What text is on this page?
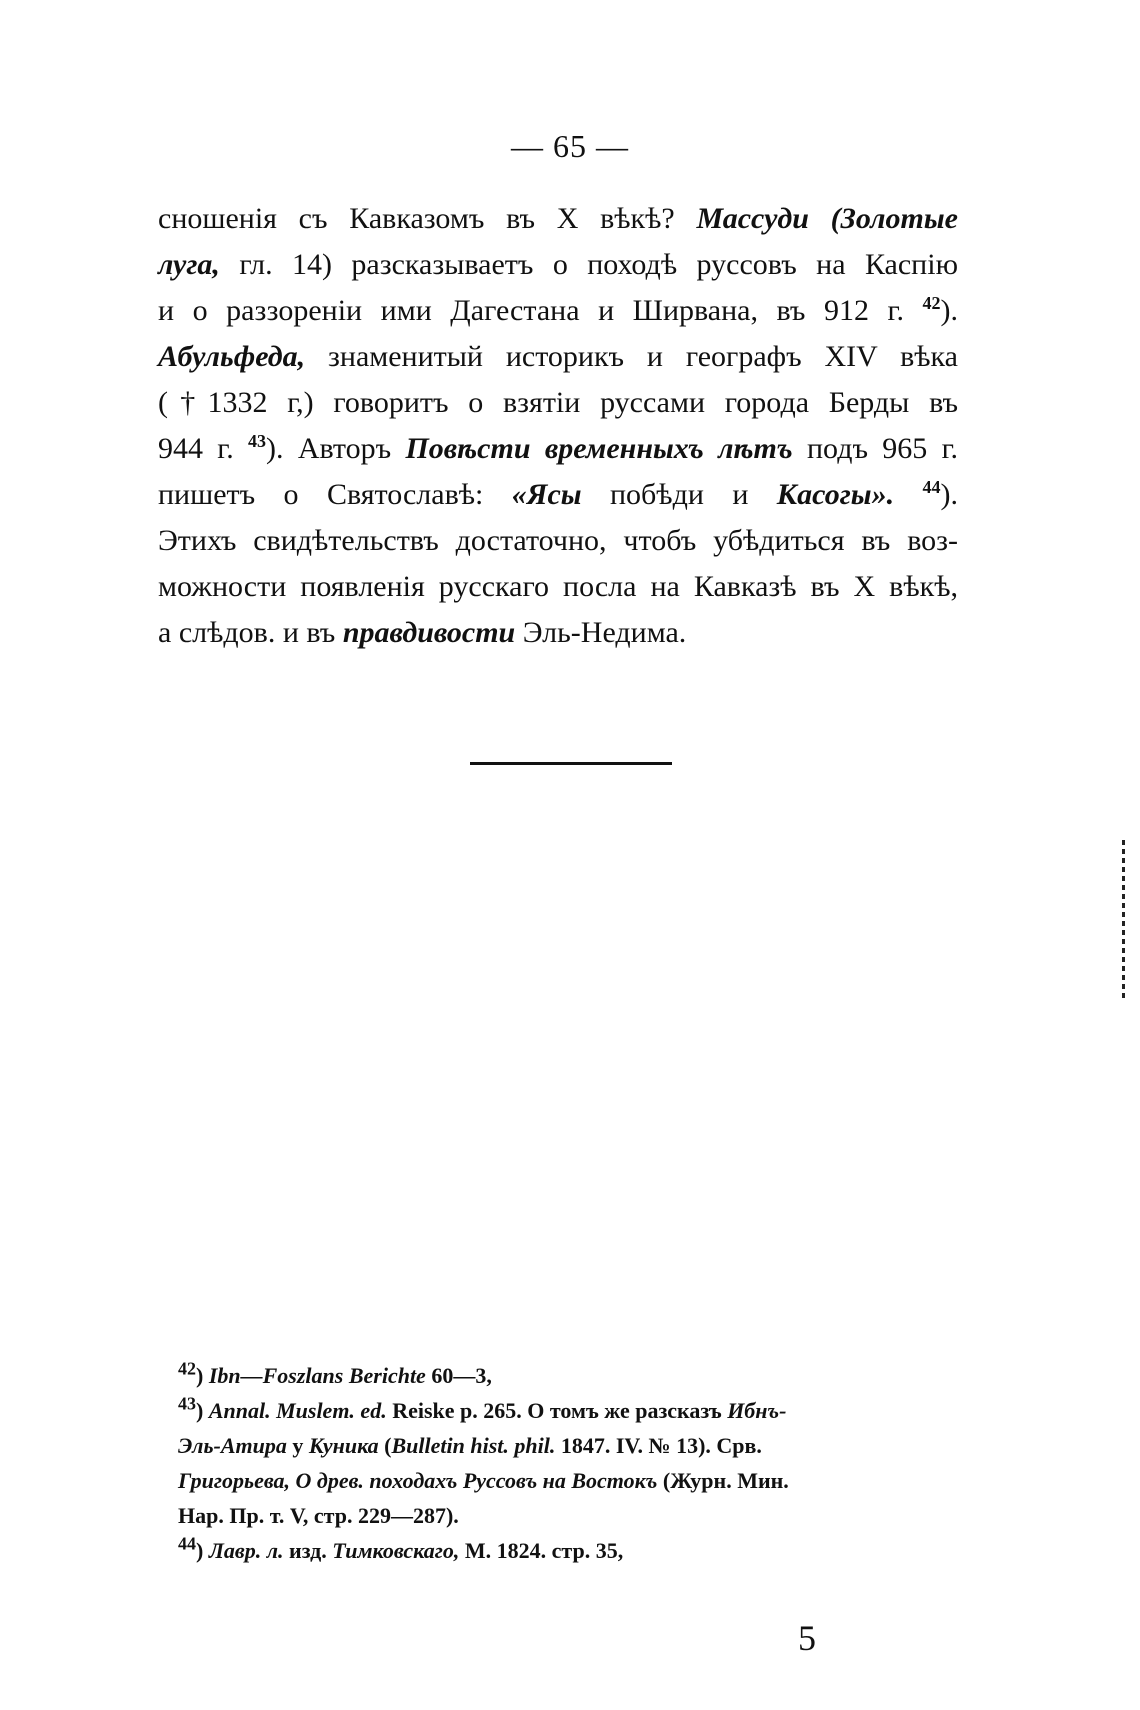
— 65 —
сношенія съ Кавказомъ въ X вѣкѣ? Массуди (Золотые
луга, гл. 14) разсказываетъ о походѣ руссовъ на Каспію
и о раззореніи ими Дагестана и Ширвана, въ 912 г. $^{42}$).
Абульфеда, знаменитый историкъ и географъ XIV вѣка
(†1332 г,) говоритъ о взятіи руссами города Берды въ
944 г. $^{43}$). Авторъ Повѣсти временныхъ лѣтъ подъ 965 г.
пишетъ о Святославѣ: «Ясы побѣди и Касогы». $^{44}$).
Этихъ свидѣтельствъ достаточно, чтобъ убѣдиться въ воз-
можности появленія русскаго посла на Кавказѣ въ X вѣкѣ,
а слѣдов. и въ правдивости Эль-Недима.
$^{42}$) Ibn—Foszlans Berichte 60—3,
$^{43}$) Annal. Muslem. ed. Reiske p. 265. О томъ же разсказъ Ибнъ-
Эль-Атира у Куника (Bulletin hist. phil. 1847. IV. № 13). Срв.
Григорьева, О древ. походахъ Руссовъ на Востокъ (Журн. Мин.
Нар. Пр. т. V, стр. 229—287).
$^{44}$) Лавр. л. изд. Тимковскаго, М. 1824. стр. 35,
5
